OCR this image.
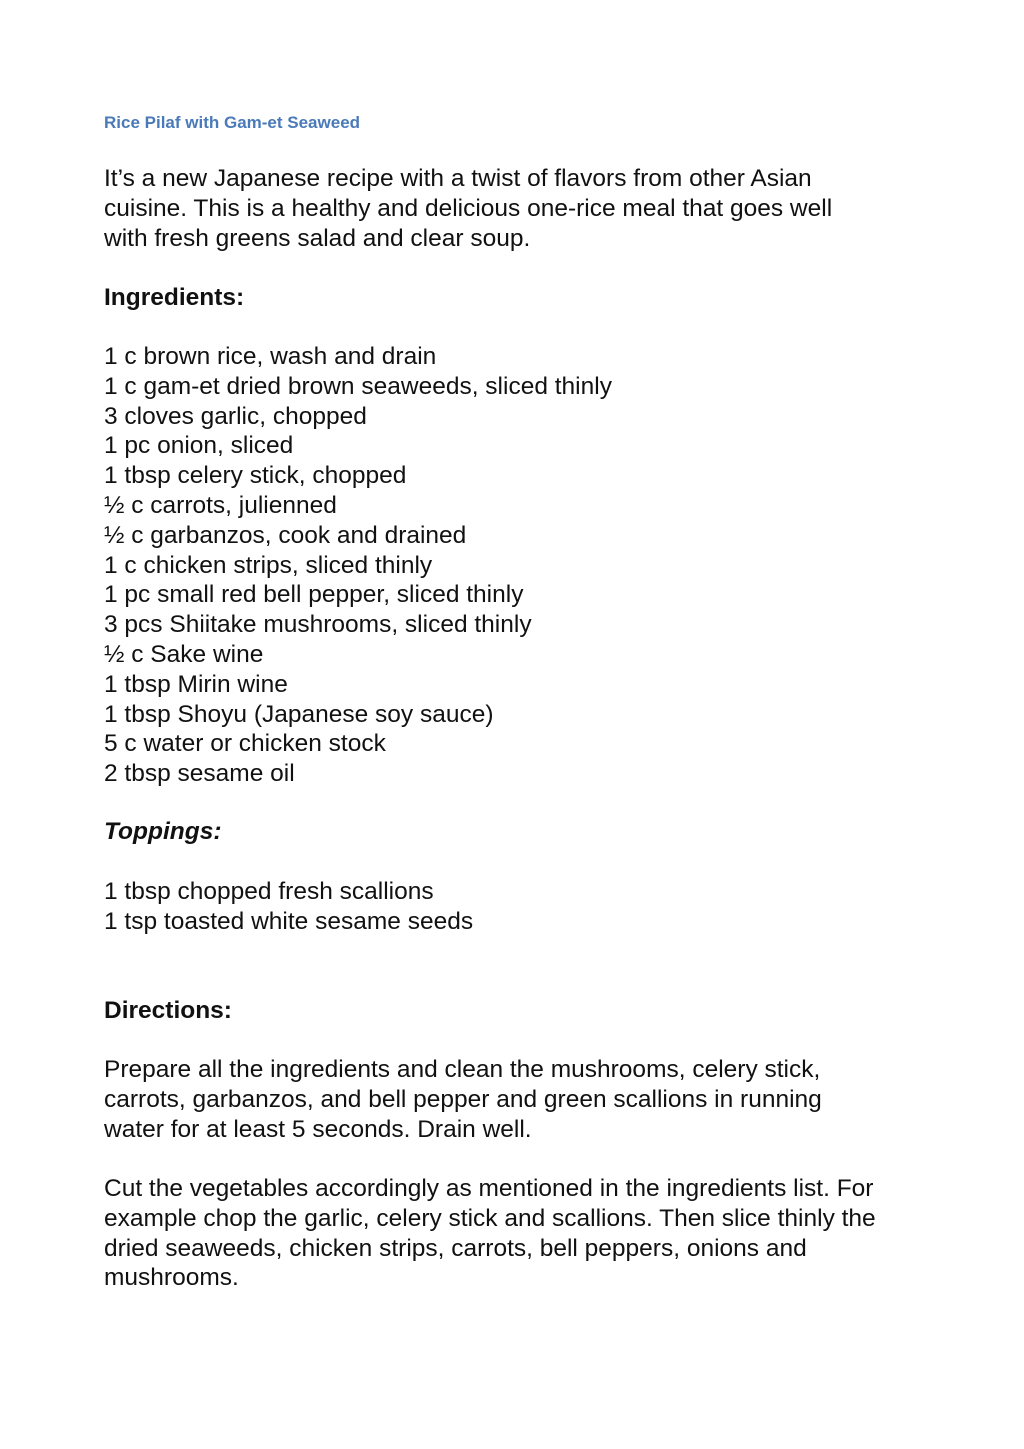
Rice Pilaf with Gam-et Seaweed
It’s a new Japanese recipe with a twist of flavors from other Asian
cuisine. This is a healthy and delicious one-rice meal that goes well
with fresh greens salad and clear soup.
Ingredients:
1 c brown rice, wash and drain
1 c gam-et dried brown seaweeds, sliced thinly
3 cloves garlic, chopped
1 pc onion, sliced
1 tbsp celery stick, chopped
½ c carrots, julienned
½ c garbanzos, cook and drained
1 c chicken strips, sliced thinly
1 pc small red bell pepper, sliced thinly
3 pcs Shiitake mushrooms, sliced thinly
½ c Sake wine
1 tbsp Mirin wine
1 tbsp Shoyu (Japanese soy sauce)
5 c water or chicken stock
2 tbsp sesame oil
Toppings:
1 tbsp chopped fresh scallions
1 tsp toasted white sesame seeds
Directions:
Prepare all the ingredients and clean the mushrooms, celery stick,
carrots, garbanzos, and bell pepper and green scallions in running
water for at least 5 seconds. Drain well.
Cut the vegetables accordingly as mentioned in the ingredients list. For
example chop the garlic, celery stick and scallions. Then slice thinly the
dried seaweeds, chicken strips, carrots, bell peppers, onions and
mushrooms.
